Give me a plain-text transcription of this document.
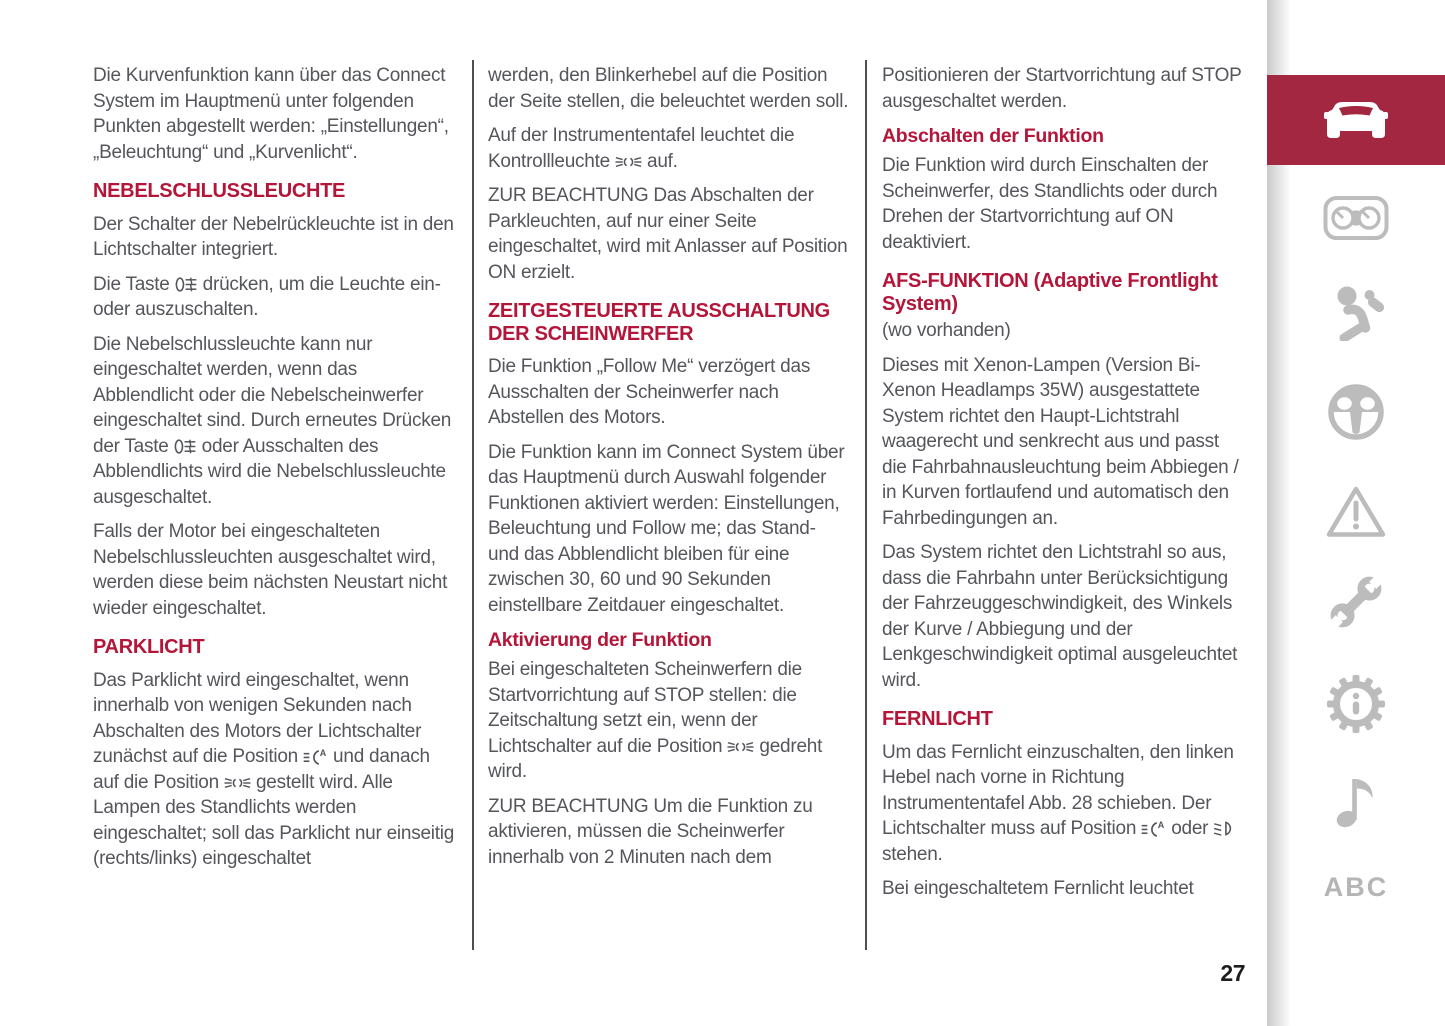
Die Kurvenfunktion kann über das Connect System im Hauptmenü unter folgenden Punkten abgestellt werden: „Einstellungen“, „Beleuchtung“ und „Kurvenlicht“.

NEBELSCHLUSSLEUCHTE

Der Schalter der Nebelrückleuchte ist in den Lichtschalter integriert.

Die Taste  drücken, um die Leuchte ein- oder auszuschalten.

Die Nebelschlussleuchte kann nur eingeschaltet werden, wenn das Abblendlicht oder die Nebelscheinwerfer eingeschaltet sind. Durch erneutes Drücken der Taste  oder Ausschalten des Abblendlichts wird die Nebelschlussleuchte ausgeschaltet.

Falls der Motor bei eingeschalteten Nebelschlussleuchten ausgeschaltet wird, werden diese beim nächsten Neustart nicht wieder eingeschaltet.

PARKLICHT

Das Parklicht wird eingeschaltet, wenn innerhalb von wenigen Sekunden nach Abschalten des Motors der Lichtschalter zunächst auf die Position  und danach auf die Position  gestellt wird. Alle Lampen des Standlichts werden eingeschaltet; soll das Parklicht nur einseitig (rechts/links) eingeschaltet

werden, den Blinkerhebel auf die Position der Seite stellen, die beleuchtet werden soll.

Auf der Instrumententafel leuchtet die Kontrollleuchte  auf.

ZUR BEACHTUNG Das Abschalten der Parkleuchten, auf nur einer Seite eingeschaltet, wird mit Anlasser auf Position ON erzielt.

ZEITGESTEUERTE AUSSCHALTUNG DER SCHEINWERFER

Die Funktion „Follow Me“ verzögert das Ausschalten der Scheinwerfer nach Abstellen des Motors.

Die Funktion kann im Connect System über das Hauptmenü durch Auswahl folgender Funktionen aktiviert werden: Einstellungen, Beleuchtung und Follow me; das Stand- und das Abblendlicht bleiben für eine zwischen 30, 60 und 90 Sekunden einstellbare Zeitdauer eingeschaltet.

Aktivierung der Funktion

Bei eingeschalteten Scheinwerfern die Startvorrichtung auf STOP stellen: die Zeitschaltung setzt ein, wenn der Lichtschalter auf die Position  gedreht wird.

ZUR BEACHTUNG Um die Funktion zu aktivieren, müssen die Scheinwerfer innerhalb von 2 Minuten nach dem

Positionieren der Startvorrichtung auf STOP ausgeschaltet werden.

Abschalten der Funktion

Die Funktion wird durch Einschalten der Scheinwerfer, des Standlichts oder durch Drehen der Startvorrichtung auf ON deaktiviert.

AFS-FUNKTION (Adaptive Frontlight System)

(wo vorhanden)

Dieses mit Xenon-Lampen (Version Bi-Xenon Headlamps 35W) ausgestattete System richtet den Haupt-Lichtstrahl waagerecht und senkrecht aus und passt die Fahrbahnausleuchtung beim Abbiegen / in Kurven fortlaufend und automatisch den Fahrbedingungen an.

Das System richtet den Lichtstrahl so aus, dass die Fahrbahn unter Berücksichtigung der Fahrzeuggeschwindigkeit, des Winkels der Kurve / Abbiegung und der Lenkgeschwindigkeit optimal ausgeleuchtet wird.

FERNLICHT

Um das Fernlicht einzuschalten, den linken Hebel nach vorne in Richtung Instrumententafel Abb. 28 schieben. Der Lichtschalter muss auf Position  oder  stehen.

Bei eingeschaltetem Fernlicht leuchtet

27
ABC
